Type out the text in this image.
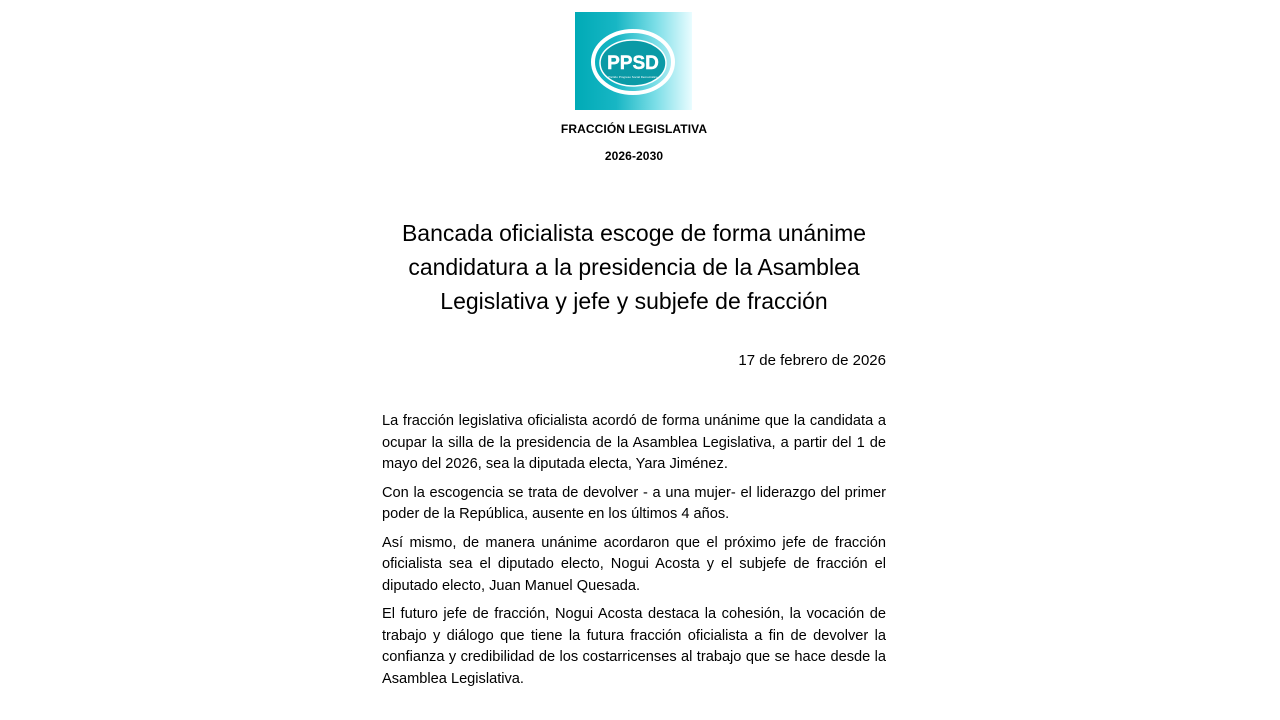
PPSD
Partido Progreso Social Democrático
FRACCIÓN LEGISLATIVA
2026-2030
Bancada oficialista escoge de forma unánime candidatura a la presidencia de la Asamblea Legislativa y jefe y subjefe de fracción
17 de febrero de 2026

La fracción legislativa oficialista acordó de forma unánime que la candidata a ocupar la silla de la presidencia de la Asamblea Legislativa, a partir del 1 de mayo del 2026, sea la diputada electa, Yara Jiménez.

Con la escogencia se trata de devolver - a una mujer- el liderazgo del primer poder de la República, ausente en los últimos 4 años.

Así mismo, de manera unánime acordaron que el próximo jefe de fracción oficialista sea el diputado electo, Nogui Acosta y el subjefe de fracción el diputado electo, Juan Manuel Quesada.

El futuro jefe de fracción, Nogui Acosta destaca la cohesión, la vocación de trabajo y diálogo que tiene la futura fracción oficialista a fin de devolver la confianza y credibilidad de los costarricenses al trabajo que se hace desde la Asamblea Legislativa.
